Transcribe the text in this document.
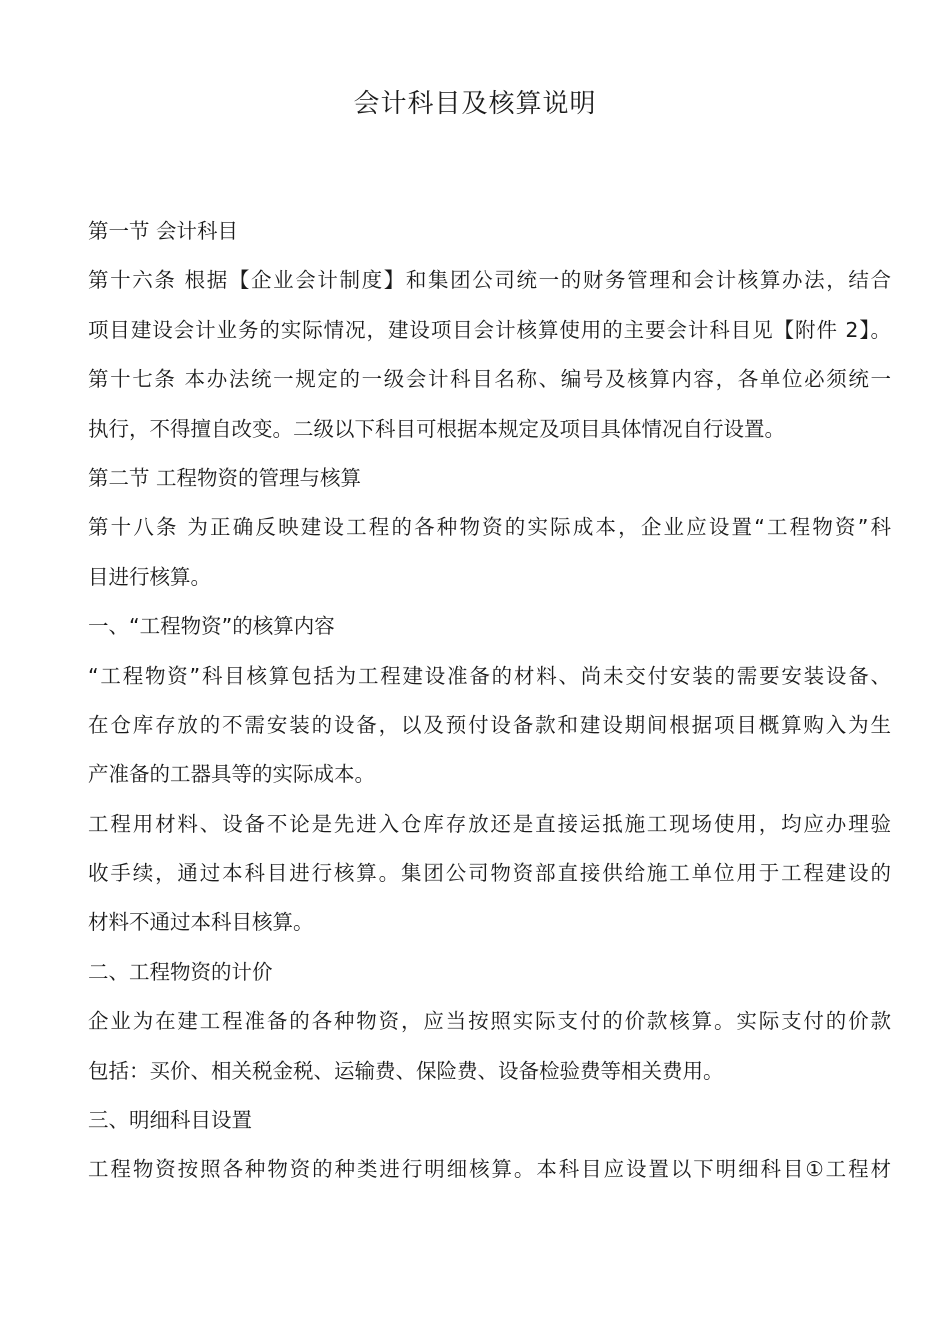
会计科目及核算说明
第一节 会计科目
第十六条 根据【企业会计制度】和集团公司统一的财务管理和会计核算办法，结合
项目建设会计业务的实际情况，建设项目会计核算使用的主要会计科目见【附件 2】。
第十七条 本办法统一规定的一级会计科目名称、编号及核算内容，各单位必须统一
执行，不得擅自改变。二级以下科目可根据本规定及项目具体情况自行设置。
第二节 工程物资的管理与核算
第十八条 为正确反映建设工程的各种物资的实际成本，企业应设置“工程物资”科
目进行核算。
一、“工程物资”的核算内容
“工程物资”科目核算包括为工程建设准备的材料、尚未交付安装的需要安装设备、
在仓库存放的不需安装的设备，以及预付设备款和建设期间根据项目概算购入为生
产准备的工器具等的实际成本。
工程用材料、设备不论是先进入仓库存放还是直接运抵施工现场使用，均应办理验
收手续，通过本科目进行核算。集团公司物资部直接供给施工单位用于工程建设的
材料不通过本科目核算。
二、工程物资的计价
企业为在建工程准备的各种物资，应当按照实际支付的价款核算。实际支付的价款
包括：买价、相关税金税、运输费、保险费、设备检验费等相关费用。
三、明细科目设置
工程物资按照各种物资的种类进行明细核算。本科目应设置以下明细科目①工程材
